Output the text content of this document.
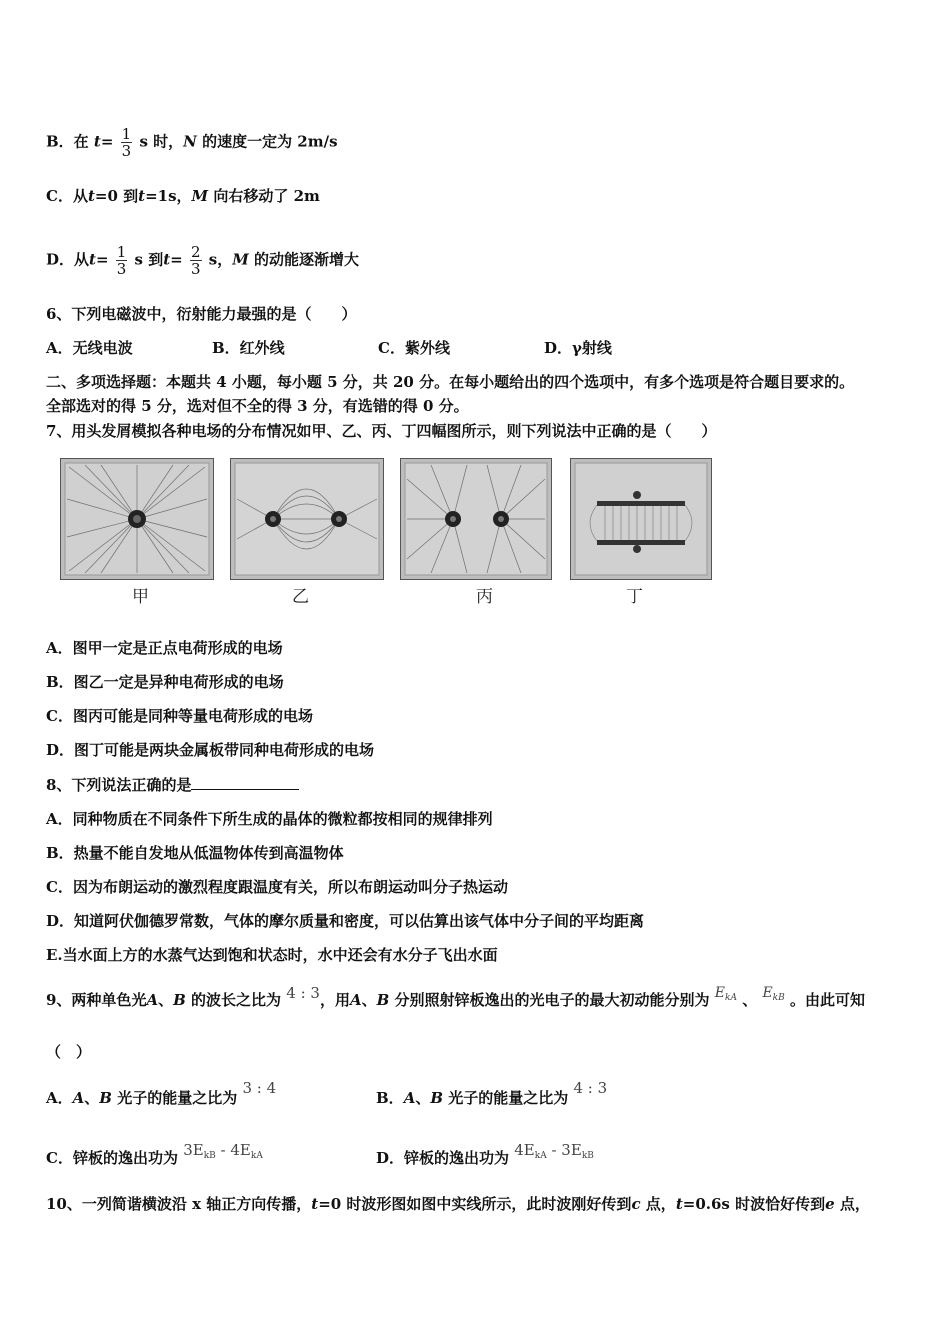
B．在 $t= \frac{1}{3}$ s 时，N 的速度一定为 2m/s
C．从t=0 到t=1s，M 向右移动了 2m
D．从$t= \frac{1}{3}$ s 到$t= \frac{2}{3}$ s，M 的动能逐渐增大
6、下列电磁波中，衍射能力最强的是（　　）
A．无线电波	B．红外线	C．紫外线	D．γ射线
二、多项选择题：本题共 4 小题，每小题 5 分，共 20 分。在每小题给出的四个选项中，有多个选项是符合题目要求的。
全部选对的得 5 分，选对但不全的得 3 分，有选错的得 0 分。
7、用头发屑模拟各种电场的分布情况如甲、乙、丙、丁四幅图所示，则下列说法中正确的是（　　）
甲	乙	丙	丁
A．图甲一定是正点电荷形成的电场
B．图乙一定是异种电荷形成的电场
C．图丙可能是同种等量电荷形成的电场
D．图丁可能是两块金属板带同种电荷形成的电场
8、下列说法正确的是
A．同种物质在不同条件下所生成的晶体的微粒都按相同的规律排列
B．热量不能自发地从低温物体传到高温物体
C．因为布朗运动的激烈程度跟温度有关，所以布朗运动叫分子热运动
D．知道阿伏伽德罗常数，气体的摩尔质量和密度，可以估算出该气体中分子间的平均距离
E.当水面上方的水蒸气达到饱和状态时，水中还会有水分子飞出水面
9、两种单色光A、B 的波长之比为 4 : 3，用A、B 分别照射锌板逸出的光电子的最大初动能分别为 $E_{kA}$ 、 $E_{kB}$ 。由此可知
（　）
A．A、B 光子的能量之比为 3 : 4
B．A、B 光子的能量之比为 4 : 3
C．锌板的逸出功为 $3E_{kB} - 4E_{kA}$	D．锌板的逸出功为 $4E_{kA} - 3E_{kB}$
10、一列简谐横波沿 x 轴正方向传播，t=0 时波形图如图中实线所示，此时波刚好传到c 点，t=0.6s 时波恰好传到e 点，
